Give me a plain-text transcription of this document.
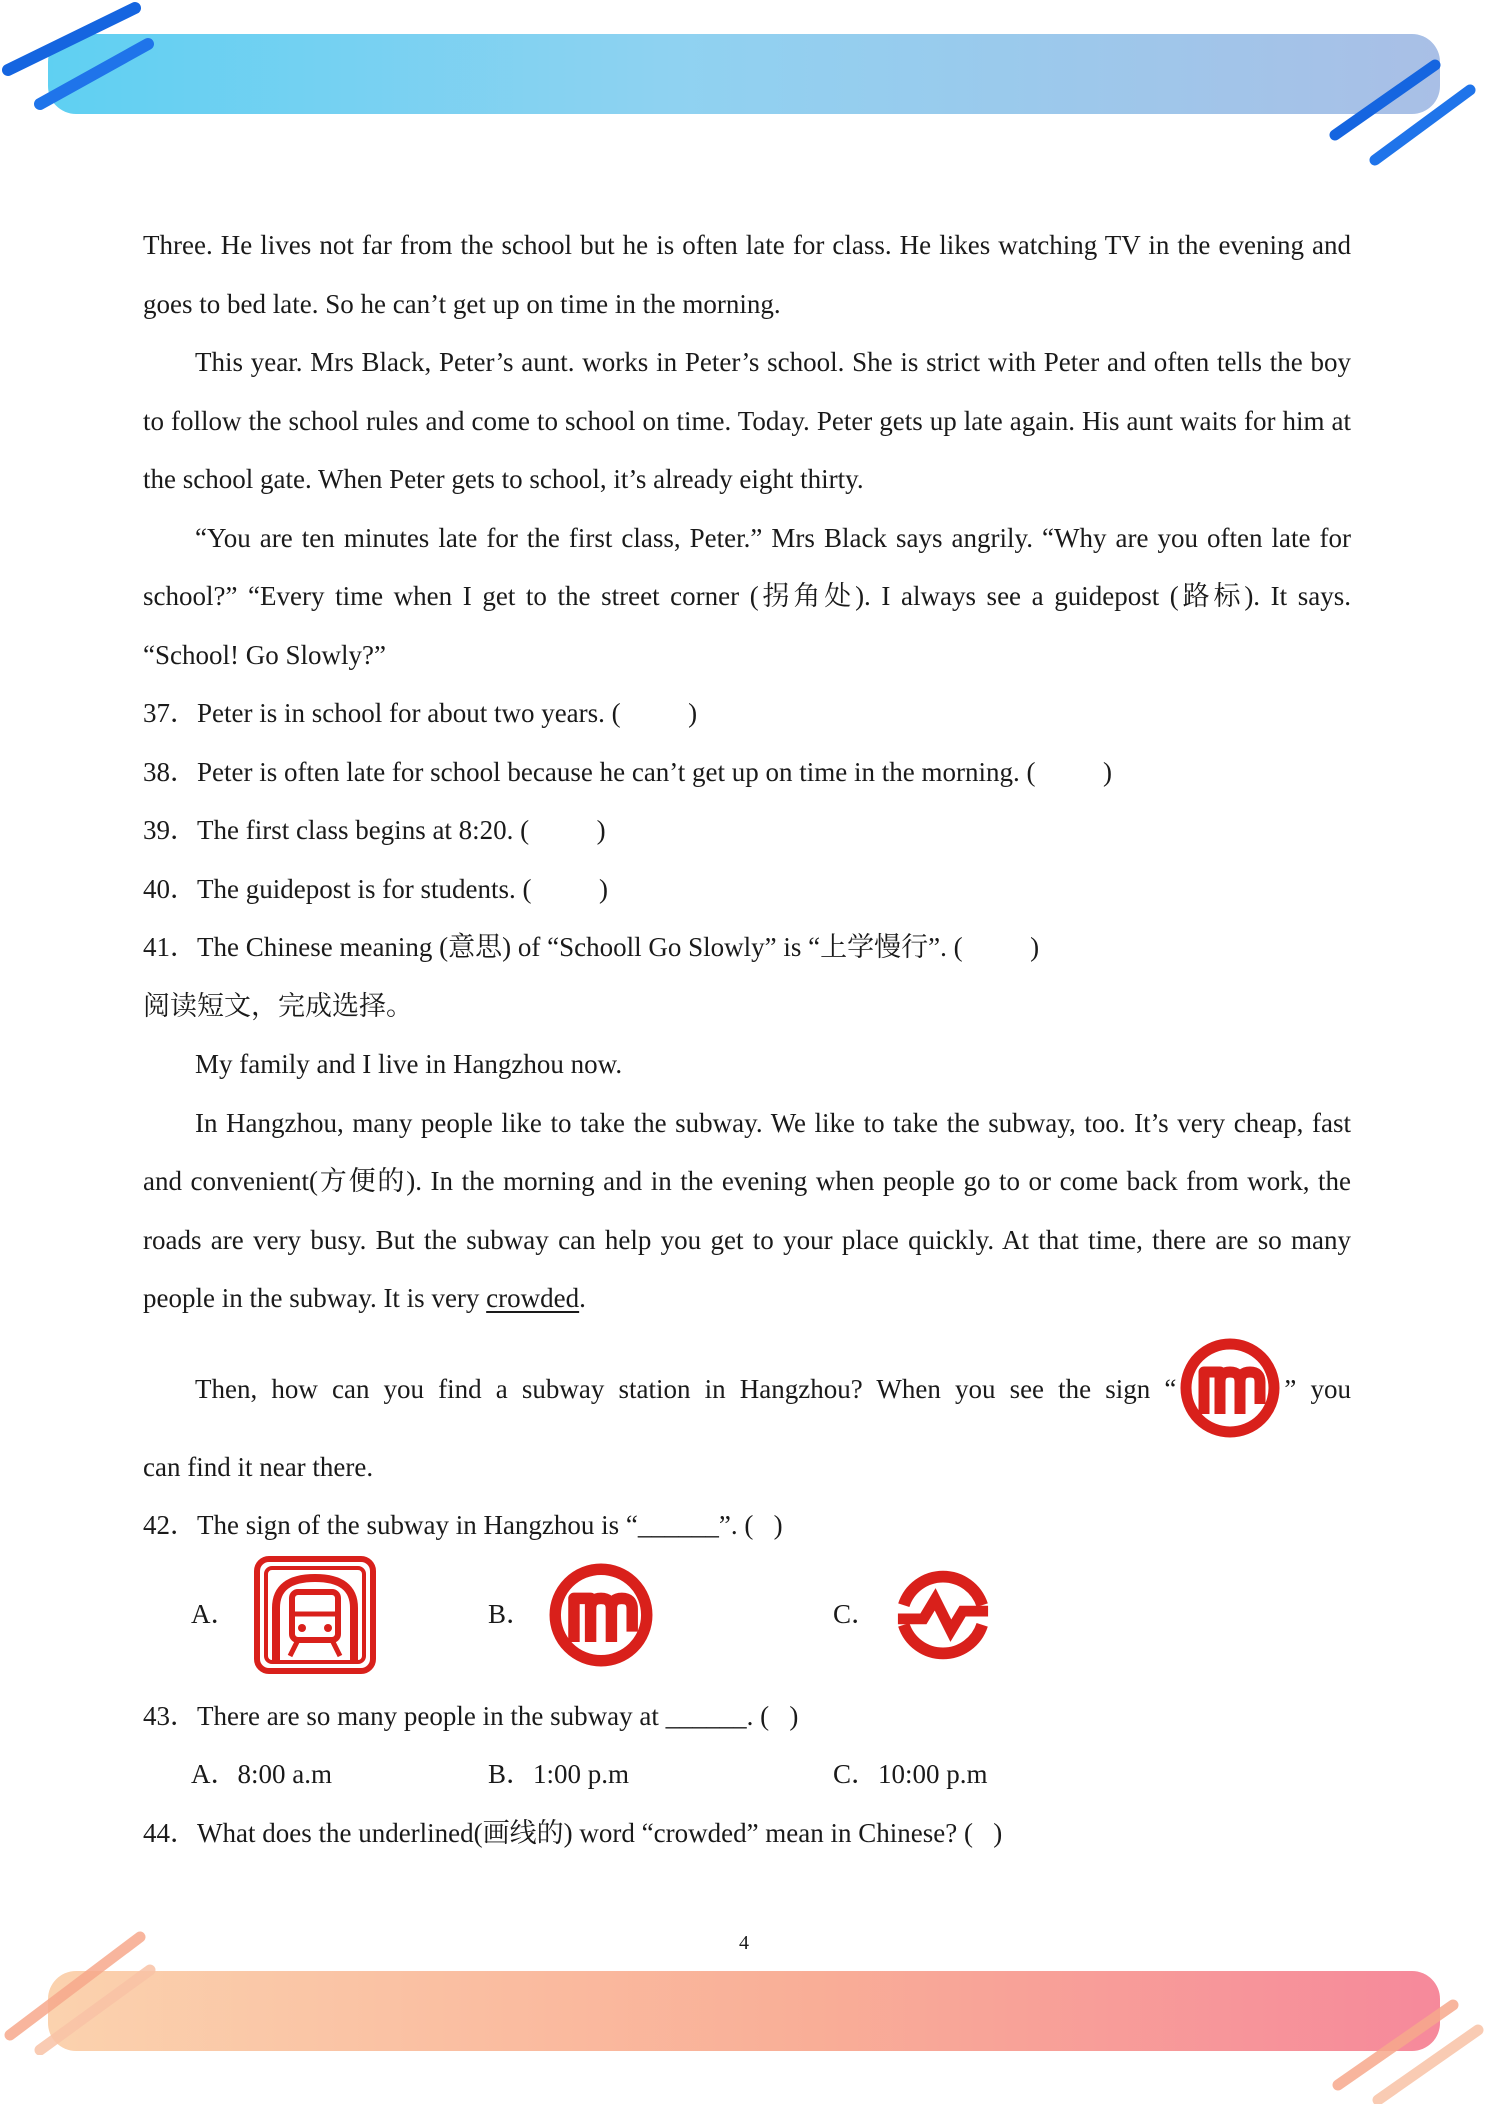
Three. He lives not far from the school but he is often late for class. He likes watching TV in the evening and goes to bed late. So he can’t get up on time in the morning.

This year. Mrs Black, Peter’s aunt. works in Peter’s school. She is strict with Peter and often tells the boy to follow the school rules and come to school on time. Today. Peter gets up late again. His aunt waits for him at the school gate. When Peter gets to school, it’s already eight thirty.

“You are ten minutes late for the first class, Peter.” Mrs Black says angrily. “Why are you often late for school?” “Every time when I get to the street corner (拐角处). I always see a guidepost (路标). It says. “School! Go Slowly?”

37．Peter is in school for about two years. (          )

38．Peter is often late for school because he can’t get up on time in the morning. (          )

39．The first class begins at 8:20. (          )

40．The guidepost is for students. (          )

41．The Chinese meaning (意思) of “Schooll Go Slowly” is “上学慢行”. (          )

阅读短文，完成选择。

My family and I live in Hangzhou now.

In Hangzhou, many people like to take the subway. We like to take the subway, too. It’s very cheap, fast and convenient(方便的). In the morning and in the evening when people go to or come back from work, the roads are very busy. But the subway can help you get to your place quickly. At that time, there are so many people in the subway. It is very crowded.

Then, how can you find a subway station in Hangzhou? When you see the sign “	” you

can find it near there.

42．The sign of the subway in Hangzhou is “______”. (   )

A．	B．	C．

43．There are so many people in the subway at ______. (   )

A．8:00 a.m	B．1:00 p.m	C．10:00 p.m

44．What does the underlined(画线的) word “crowded” mean in Chinese? (   )

4
